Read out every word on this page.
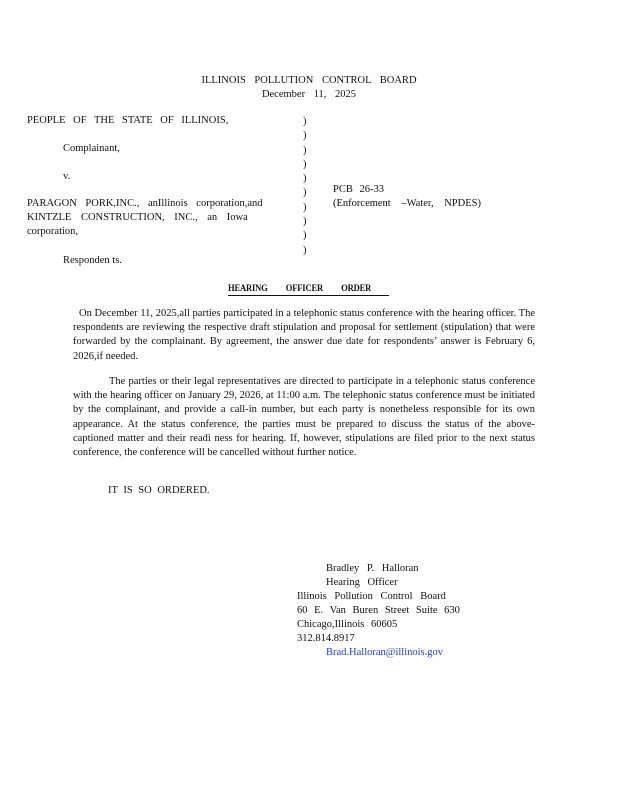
ILLINOIS POLLUTION CONTROL BOARD
December 11, 2025
PEOPLE OF THE STATE OF ILLINOIS,
Complainant,
v.
PARAGON PORK,INC., anIllinois corporation,and
KINTZLE CONSTRUCTION, INC., an Iowa
corporation,
Responden ts.
)
)
)
)
)
)
)
)
)
)
PCB 26-33
(Enforcement –Water, NPDES)
HEARING OFFICER ORDER
On December 11, 2025,all parties participated in a telephonic status conference with the hearing officer. The respondents are reviewing the respective draft stipulation and proposal for settlement (stipulation) that were forwarded by the complainant. By agreement, the answer due date for respondents’ answer is February 6, 2026,if needed.
The parties or their legal representatives are directed to participate in a telephonic status conference with the hearing officer on January 29, 2026, at 11:00 a.m. The telephonic status conference must be initiated by the complainant, and provide a call-in number, but each party is nonetheless responsible for its own appearance. At the status conference, the parties must be prepared to discuss the status of the above- captioned matter and their readi ness for hearing. If, however, stipulations are filed prior to the next status conference, the conference will be cancelled without further notice.
IT IS SO ORDERED.
Bradley P. Halloran
Hearing Officer
Illinois Pollution Control Board
60 E. Van Buren Street Suite 630
Chicago,Illinois 60605
312.814.8917
Brad.Halloran@illinois.gov
